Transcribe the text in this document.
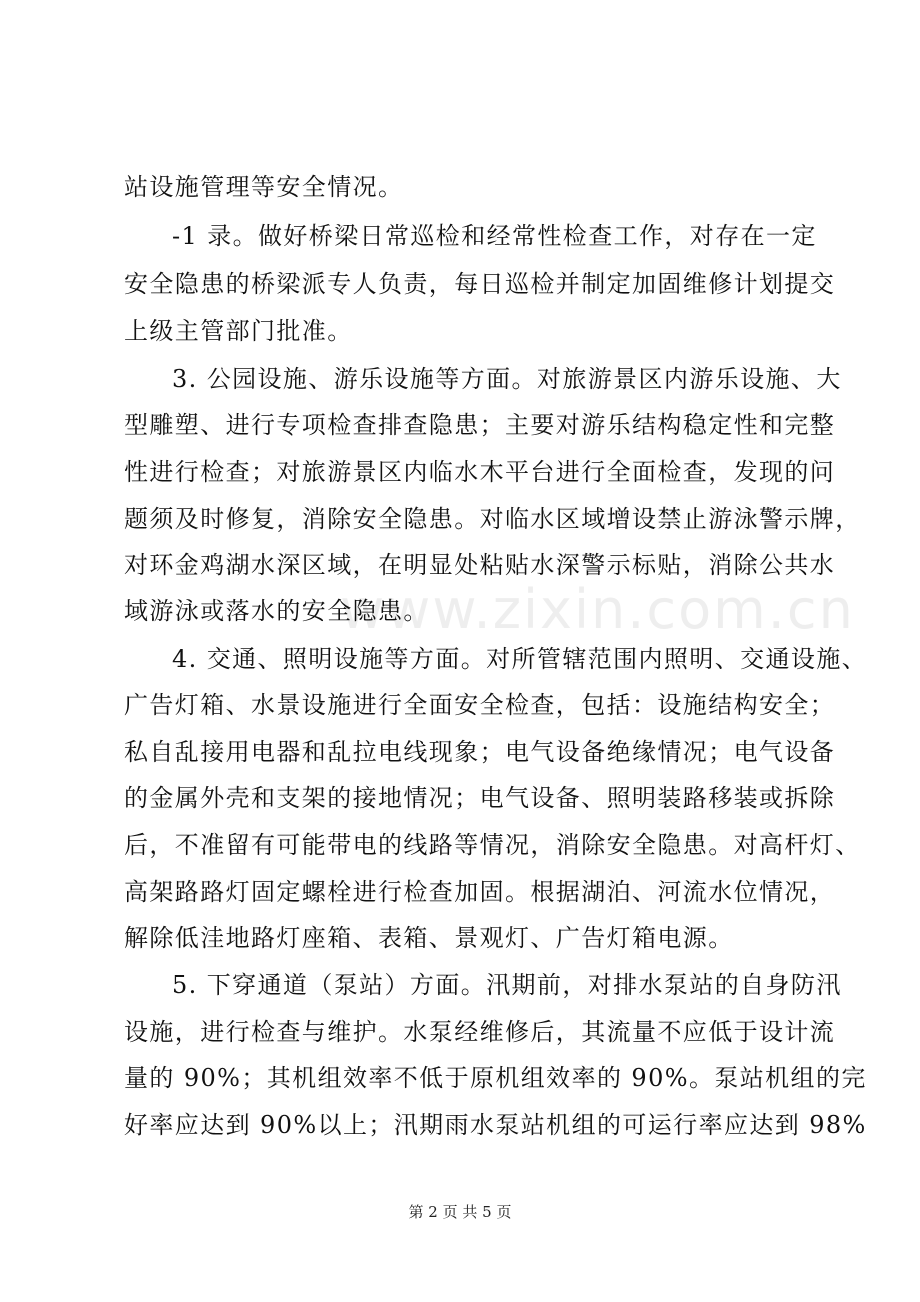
www.zixin.com.cn
站设施管理等安全情况。
-1 录。做好桥梁日常巡检和经常性检查工作，对存在一定
安全隐患的桥梁派专人负责，每日巡检并制定加固维修计划提交
上级主管部门批准。
3. 公园设施、游乐设施等方面。对旅游景区内游乐设施、大
型雕塑、进行专项检查排查隐患；主要对游乐结构稳定性和完整
性进行检查；对旅游景区内临水木平台进行全面检查，发现的问
题须及时修复，消除安全隐患。对临水区域增设禁止游泳警示牌，
对环金鸡湖水深区域，在明显处粘贴水深警示标贴，消除公共水
域游泳或落水的安全隐患。
4. 交通、照明设施等方面。对所管辖范围内照明、交通设施、
广告灯箱、水景设施进行全面安全检查，包括：设施结构安全；
私自乱接用电器和乱拉电线现象；电气设备绝缘情况；电气设备
的金属外壳和支架的接地情况；电气设备、照明装路移装或拆除
后，不准留有可能带电的线路等情况，消除安全隐患。对高杆灯、
高架路路灯固定螺栓进行检查加固。根据湖泊、河流水位情况，
解除低洼地路灯座箱、表箱、景观灯、广告灯箱电源。
5. 下穿通道（泵站）方面。汛期前，对排水泵站的自身防汛
设施，进行检查与维护。水泵经维修后，其流量不应低于设计流
量的 90%；其机组效率不低于原机组效率的 90%。泵站机组的完
好率应达到 90%以上；汛期雨水泵站机组的可运行率应达到 98%
第 2 页 共 5 页
